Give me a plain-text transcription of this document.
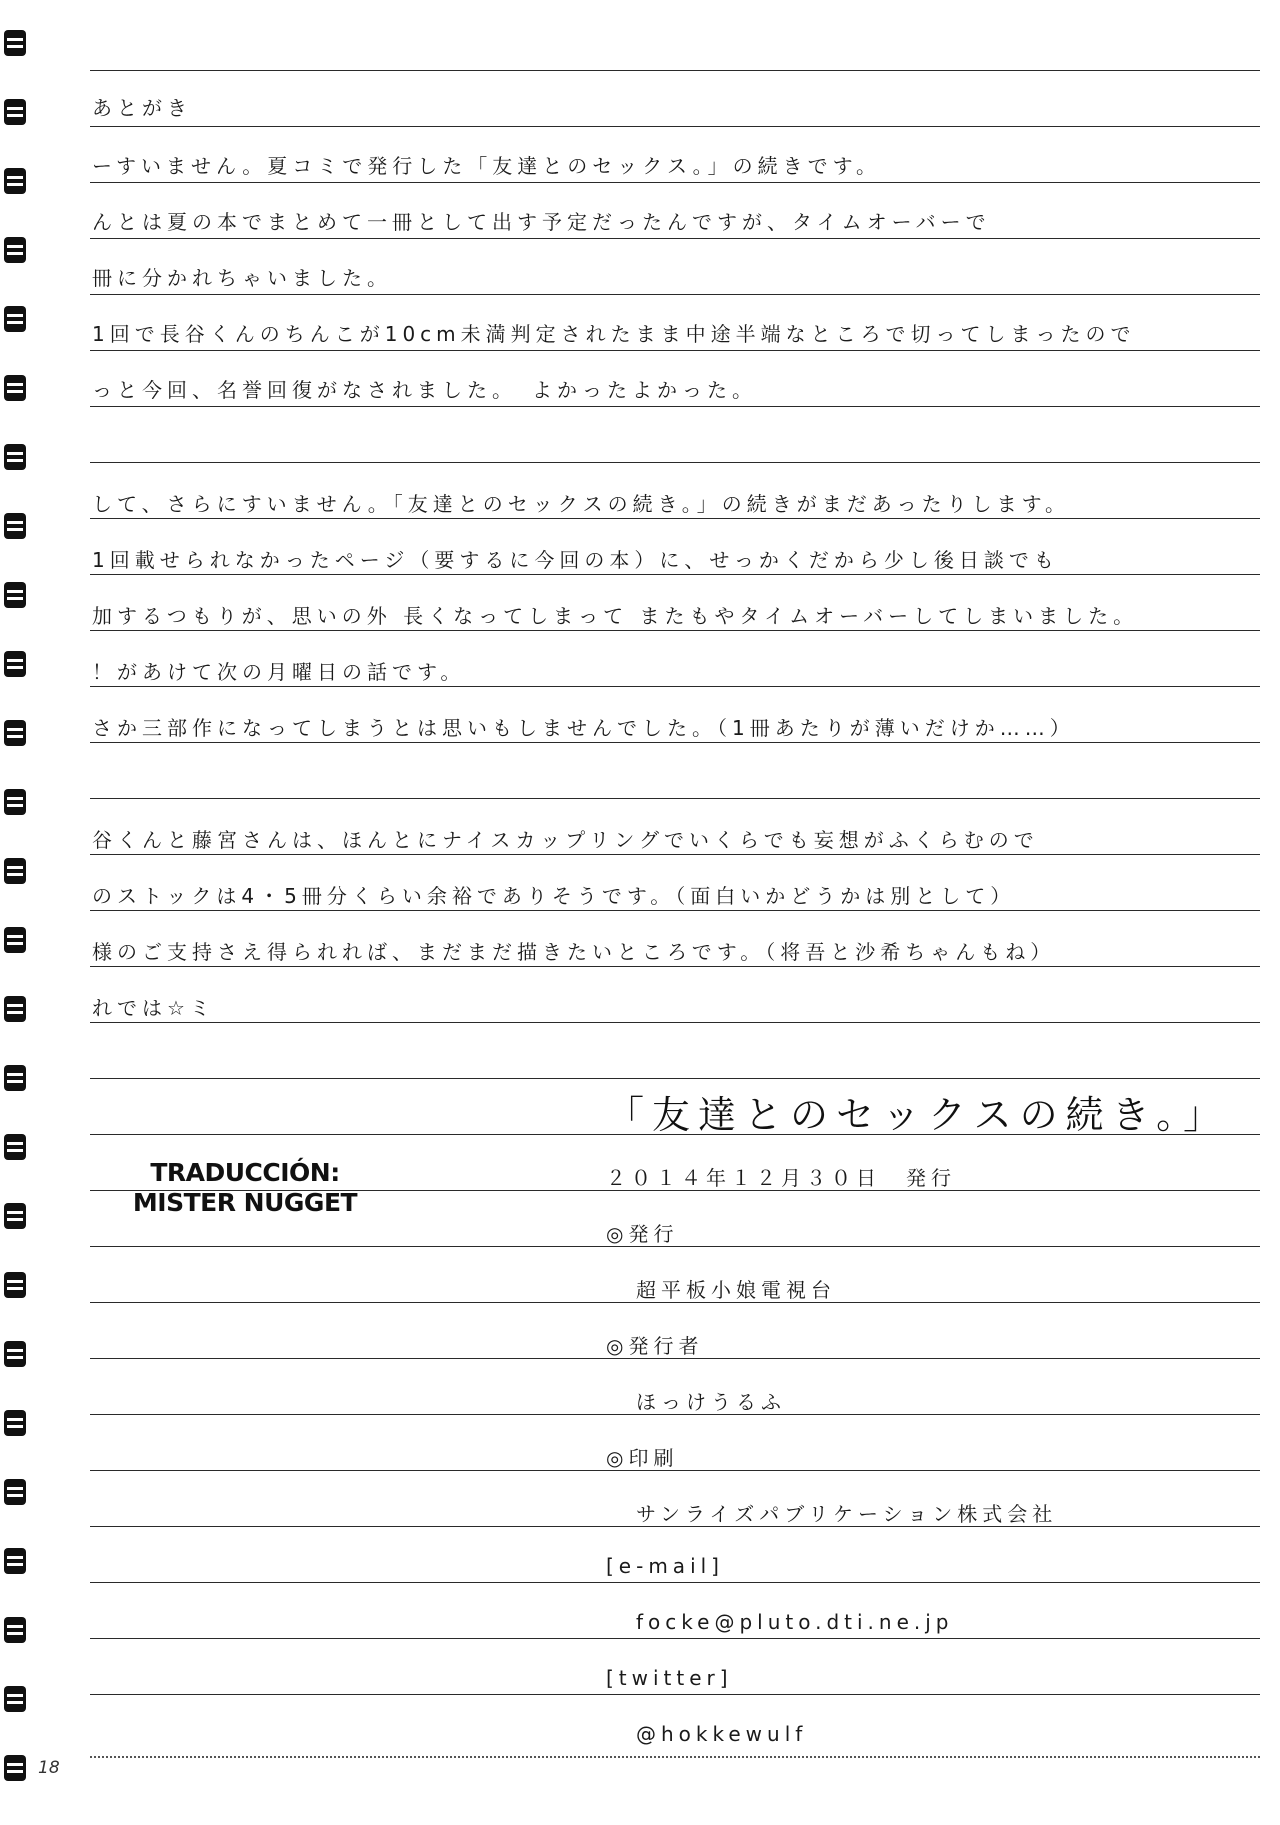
あとがき
ーすいません。夏コミで発行した「友達とのセックス。」の続きです。
んとは夏の本でまとめて一冊として出す予定だったんですが、タイムオーバーで
冊に分かれちゃいました。
1回で長谷くんのちんこが10cm未満判定されたまま中途半端なところで切ってしまったので
っと今回、名誉回復がなされました。　よかったよかった。
して、さらにすいません。「友達とのセックスの続き。」の続きがまだあったりします。
1回載せられなかったページ（要するに今回の本）に、せっかくだから少し後日談でも
加するつもりが、思いの外 長くなってしまって またもやタイムオーバーしてしまいました。
！があけて次の月曜日の話です。
さか三部作になってしまうとは思いもしませんでした。（1冊あたりが薄いだけか……）
谷くんと藤宮さんは、ほんとにナイスカップリングでいくらでも妄想がふくらむので
のストックは4・5冊分くらい余裕でありそうです。（面白いかどうかは別として）
様のご支持さえ得られれば、まだまだ描きたいところです。（将吾と沙希ちゃんもね）
れでは☆ミ
「友達とのセックスの続き。」
２０１４年１２月３０日　発行
◎発行
超平板小娘電視台
◎発行者
ほっけうるふ
◎印刷
サンライズパブリケーション株式会社
[e-mail]
focke@pluto.dti.ne.jp
[twitter]
@hokkewulf
TRADUCCIÓN:
MISTER NUGGET
18
